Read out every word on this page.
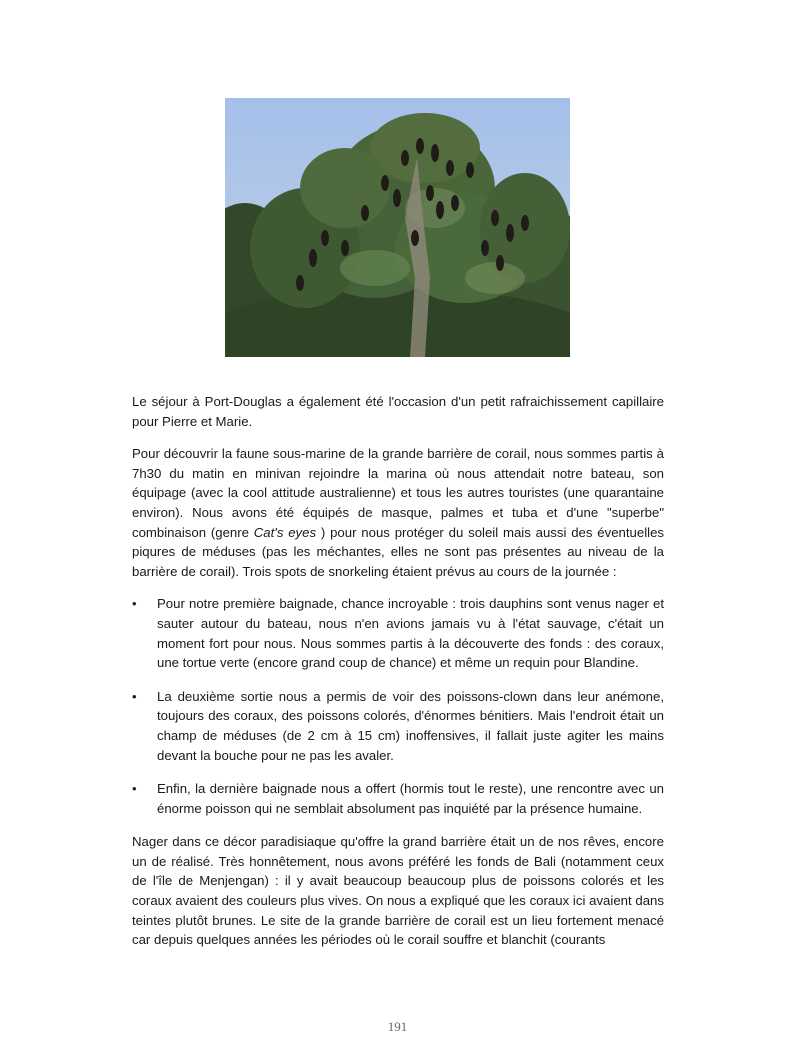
Le séjour à Port-Douglas a également été l'occasion d'un petit rafraichissement capillaire pour Pierre et Marie.

Pour découvrir la faune sous-marine de la grande barrière de corail, nous sommes partis à 7h30 du matin en minivan rejoindre la marina où nous attendait notre bateau, son équipage (avec la cool attitude australienne) et tous les autres touristes (une quarantaine environ). Nous avons été équipés de masque, palmes et tuba et d'une "superbe" combinaison (genre Cat's eyes ) pour nous protéger du soleil mais aussi des éventuelles piqures de méduses (pas les méchantes, elles ne sont pas présentes au niveau de la barrière de corail). Trois spots de snorkeling étaient prévus au cours de la journée :

• Pour notre première baignade, chance incroyable : trois dauphins sont venus nager et sauter autour du bateau, nous n'en avions jamais vu à l'état sauvage, c'était un moment fort pour nous. Nous sommes partis à la découverte des fonds : des coraux, une tortue verte (encore grand coup de chance) et même un requin pour Blandine.
• La deuxième sortie nous a permis de voir des poissons-clown dans leur anémone, toujours des coraux, des poissons colorés, d'énormes bénitiers. Mais l'endroit était un champ de méduses (de 2 cm à 15 cm) inoffensives, il fallait juste agiter les mains devant la bouche pour ne pas les avaler.
• Enfin, la dernière baignade nous a offert (hormis tout le reste), une rencontre avec un énorme poisson qui ne semblait absolument pas inquiété par la présence humaine.

Nager dans ce décor paradisiaque qu'offre la grand barrière était un de nos rêves, encore un de réalisé. Très honnêtement, nous avons préféré les fonds de Bali (notamment ceux de l'île de Menjengan) : il y avait beaucoup beaucoup plus de poissons colorés et les coraux avaient des couleurs plus vives. On nous a expliqué que les coraux ici avaient dans teintes plutôt brunes. Le site de la grande barrière de corail est un lieu fortement menacé car depuis quelques années les périodes où le corail souffre et blanchit (courants

191
